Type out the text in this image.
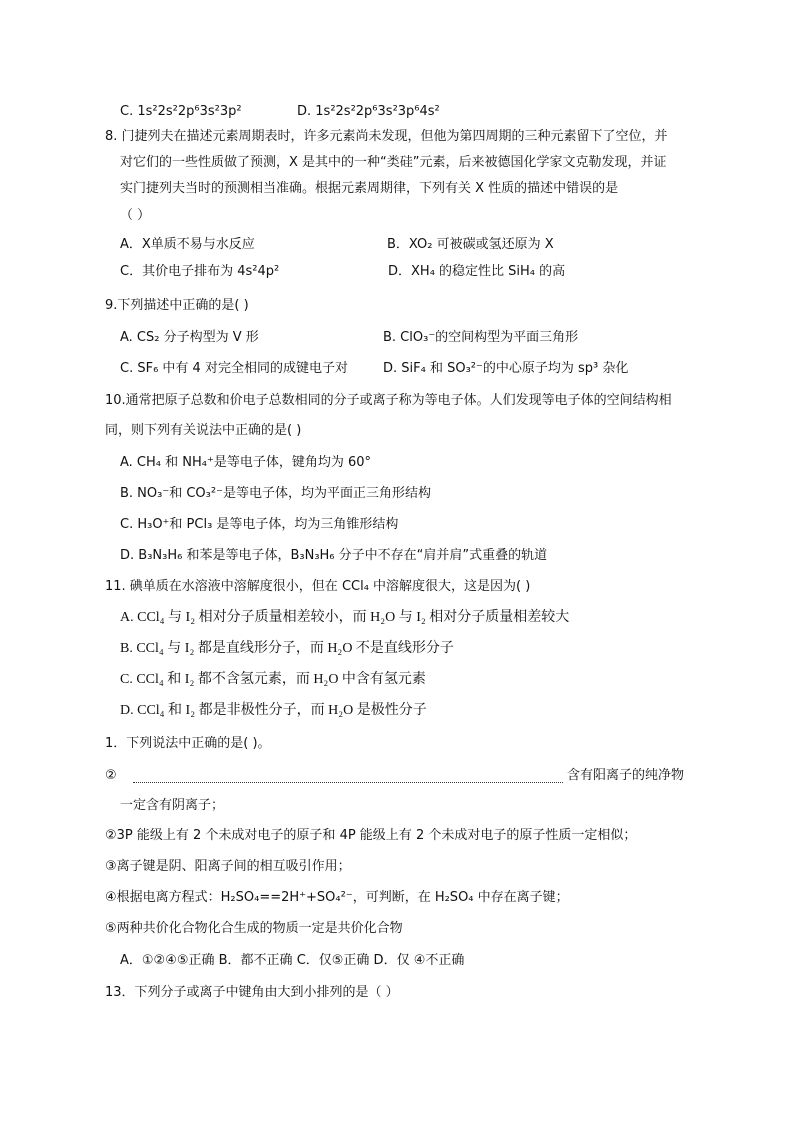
C. 1s²2s²2p⁶3s²3p²	D. 1s²2s²2p⁶3s²3p⁶4s²
8. 门捷列夫在描述元素周期表时，许多元素尚未发现，但他为第四周期的三种元素留下了空位，并
对它们的一些性质做了预测，X 是其中的一种“类硅”元素，后来被德国化学家文克勒发现，并证
实门捷列夫当时的预测相当准确。根据元素周期律，下列有关 X 性质的描述中错误的是
（ ）
A．X单质不易与水反应	B．XO₂ 可被碳或氢还原为 X
C．其价电子排布为 4s²4p²	D．XH₄ 的稳定性比 SiH₄ 的高
9.下列描述中正确的是( )
A. CS₂ 分子构型为 V 形	B. ClO₃⁻的空间构型为平面三角形
C. SF₆ 中有 4 对完全相同的成键电子对	D. SiF₄ 和 SO₃²⁻的中心原子均为 sp³ 杂化
10.通常把原子总数和价电子总数相同的分子或离子称为等电子体。人们发现等电子体的空间结构相
同，则下列有关说法中正确的是( )
A. CH₄ 和 NH₄⁺是等电子体，键角均为 60°
B. NO₃⁻和 CO₃²⁻是等电子体，均为平面正三角形结构
C. H₃O⁺和 PCl₃ 是等电子体，均为三角锥形结构
D. B₃N₃H₆ 和苯是等电子体，B₃N₃H₆ 分子中不存在“肩并肩”式重叠的轨道
11. 碘单质在水溶液中溶解度很小，但在 CCl₄ 中溶解度很大，这是因为( )
A. CCl₄ 与 I₂ 相对分子质量相差较小，而 H₂O 与 I₂ 相对分子质量相差较大
B. CCl₄ 与 I₂ 都是直线形分子，而 H₂O 不是直线形分子
C. CCl₄ 和 I₂ 都不含氢元素，而 H₂O 中含有氢元素
D. CCl₄ 和 I₂ 都是非极性分子，而 H₂O 是极性分子
1．下列说法中正确的是( )。
②	含有阳离子的纯净物
一定含有阴离子；
②3P 能级上有 2 个未成对电子的原子和 4P 能级上有 2 个未成对电子的原子性质一定相似；
③离子键是阴、阳离子间的相互吸引作用；
④根据电离方程式：H₂SO₄==2H⁺+SO₄²⁻，可判断，在 H₂SO₄ 中存在离子键；
⑤两种共价化合物化合生成的物质一定是共价化合物
A．①②④⑤正确 B．都不正确 C．仅⑤正确 D．仅 ④不正确
13．下列分子或离子中键角由大到小排列的是（ ）
